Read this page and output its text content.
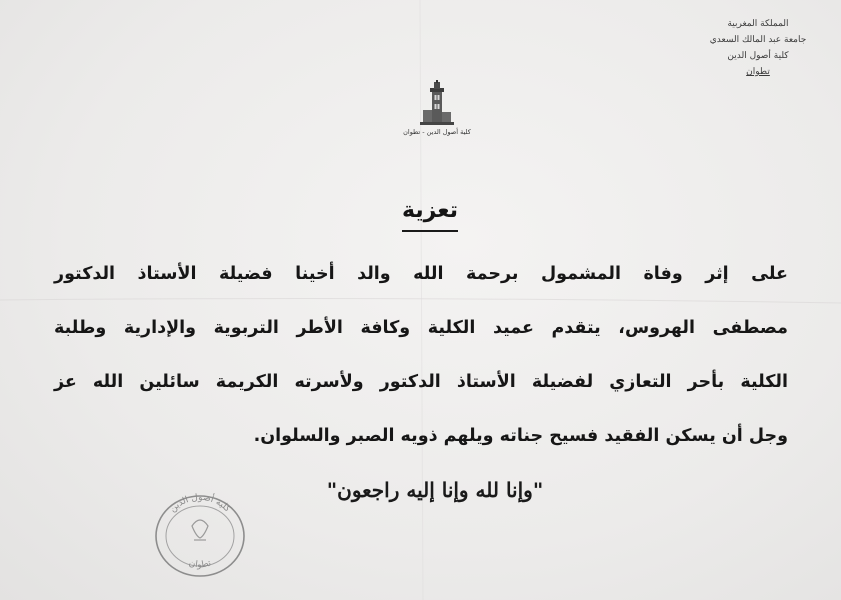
المملكة المغربية
جامعة عبد المالك السعدي
كلية أصول الدين
تطوان
كلية أصول الدين - تطوان
تعزية
على إثر وفاة المشمول برحمة الله والد أخينا فضيلة الأستاذ الدكتور
مصطفى الهروس، يتقدم عميد الكلية وكافة الأطر التربوية والإدارية وطلبة
الكلية بأحر التعازي لفضيلة الأستاذ الدكتور ولأسرته الكريمة سائلين الله عز
وجل أن يسكن الفقيد فسيح جناته ويلهم ذويه الصبر والسلوان.
"وإنا لله وإنا إليه راجعون"
كلية أصول الدين
تطوان
